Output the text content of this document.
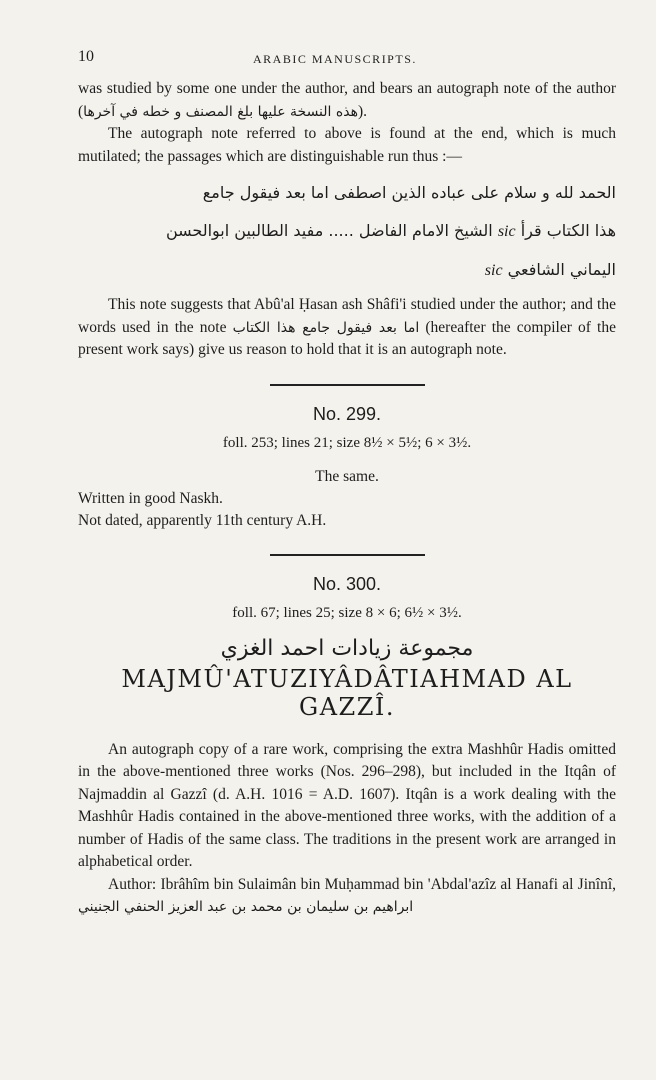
10	ARABIC MANUSCRIPTS.

was studied by some one under the author, and bears an autograph note of the author (هذه النسخة عليها بلغ المصنف و خطه في آخرها).

The autograph note referred to above is found at the end, which is much mutilated; the passages which are distinguishable run thus :—

الحمد لله و سلام على عباده الذين اصطفى اما بعد فيقول جامع

هذا الكتاب قرأ sic الشيخ الامام الفاضل ..... مفيد الطالبين ابوالحسن

اليماني الشافعي sic

This note suggests that Abû'al Ḥasan ash Shâfi'i studied under the author; and the words used in the note اما بعد فيقول جامع هذا الكتاب (hereafter the compiler of the present work says) give us reason to hold that it is an autograph note.

No. 299.
foll. 253; lines 21; size 8½ × 5½; 6 × 3½.

The same.

Written in good Naskh.

Not dated, apparently 11th century A.H.

No. 300.
foll. 67; lines 25; size 8 × 6; 6½ × 3½.
مجموعة زيادات احمد الغزي
MAJMÛ'ATUZIYÂDÂTIAHMAD AL
GAZZÎ.

An autograph copy of a rare work, comprising the extra Mashhûr Hadis omitted in the above-mentioned three works (Nos. 296–298), but included in the Itqân of Najmaddin al Gazzî (d. A.H. 1016 = A.D. 1607). Itqân is a work dealing with the Mashhûr Hadis contained in the above-mentioned three works, with the addition of a number of Hadis of the same class. The traditions in the present work are arranged in alphabetical order.

Author: Ibrâhîm bin Sulaimân bin Muḥammad bin 'Abdal'azîz al Hanafi al Jinînî, ابراهيم بن سليمان بن محمد بن عبد العزيز الحنفي الجنيني
